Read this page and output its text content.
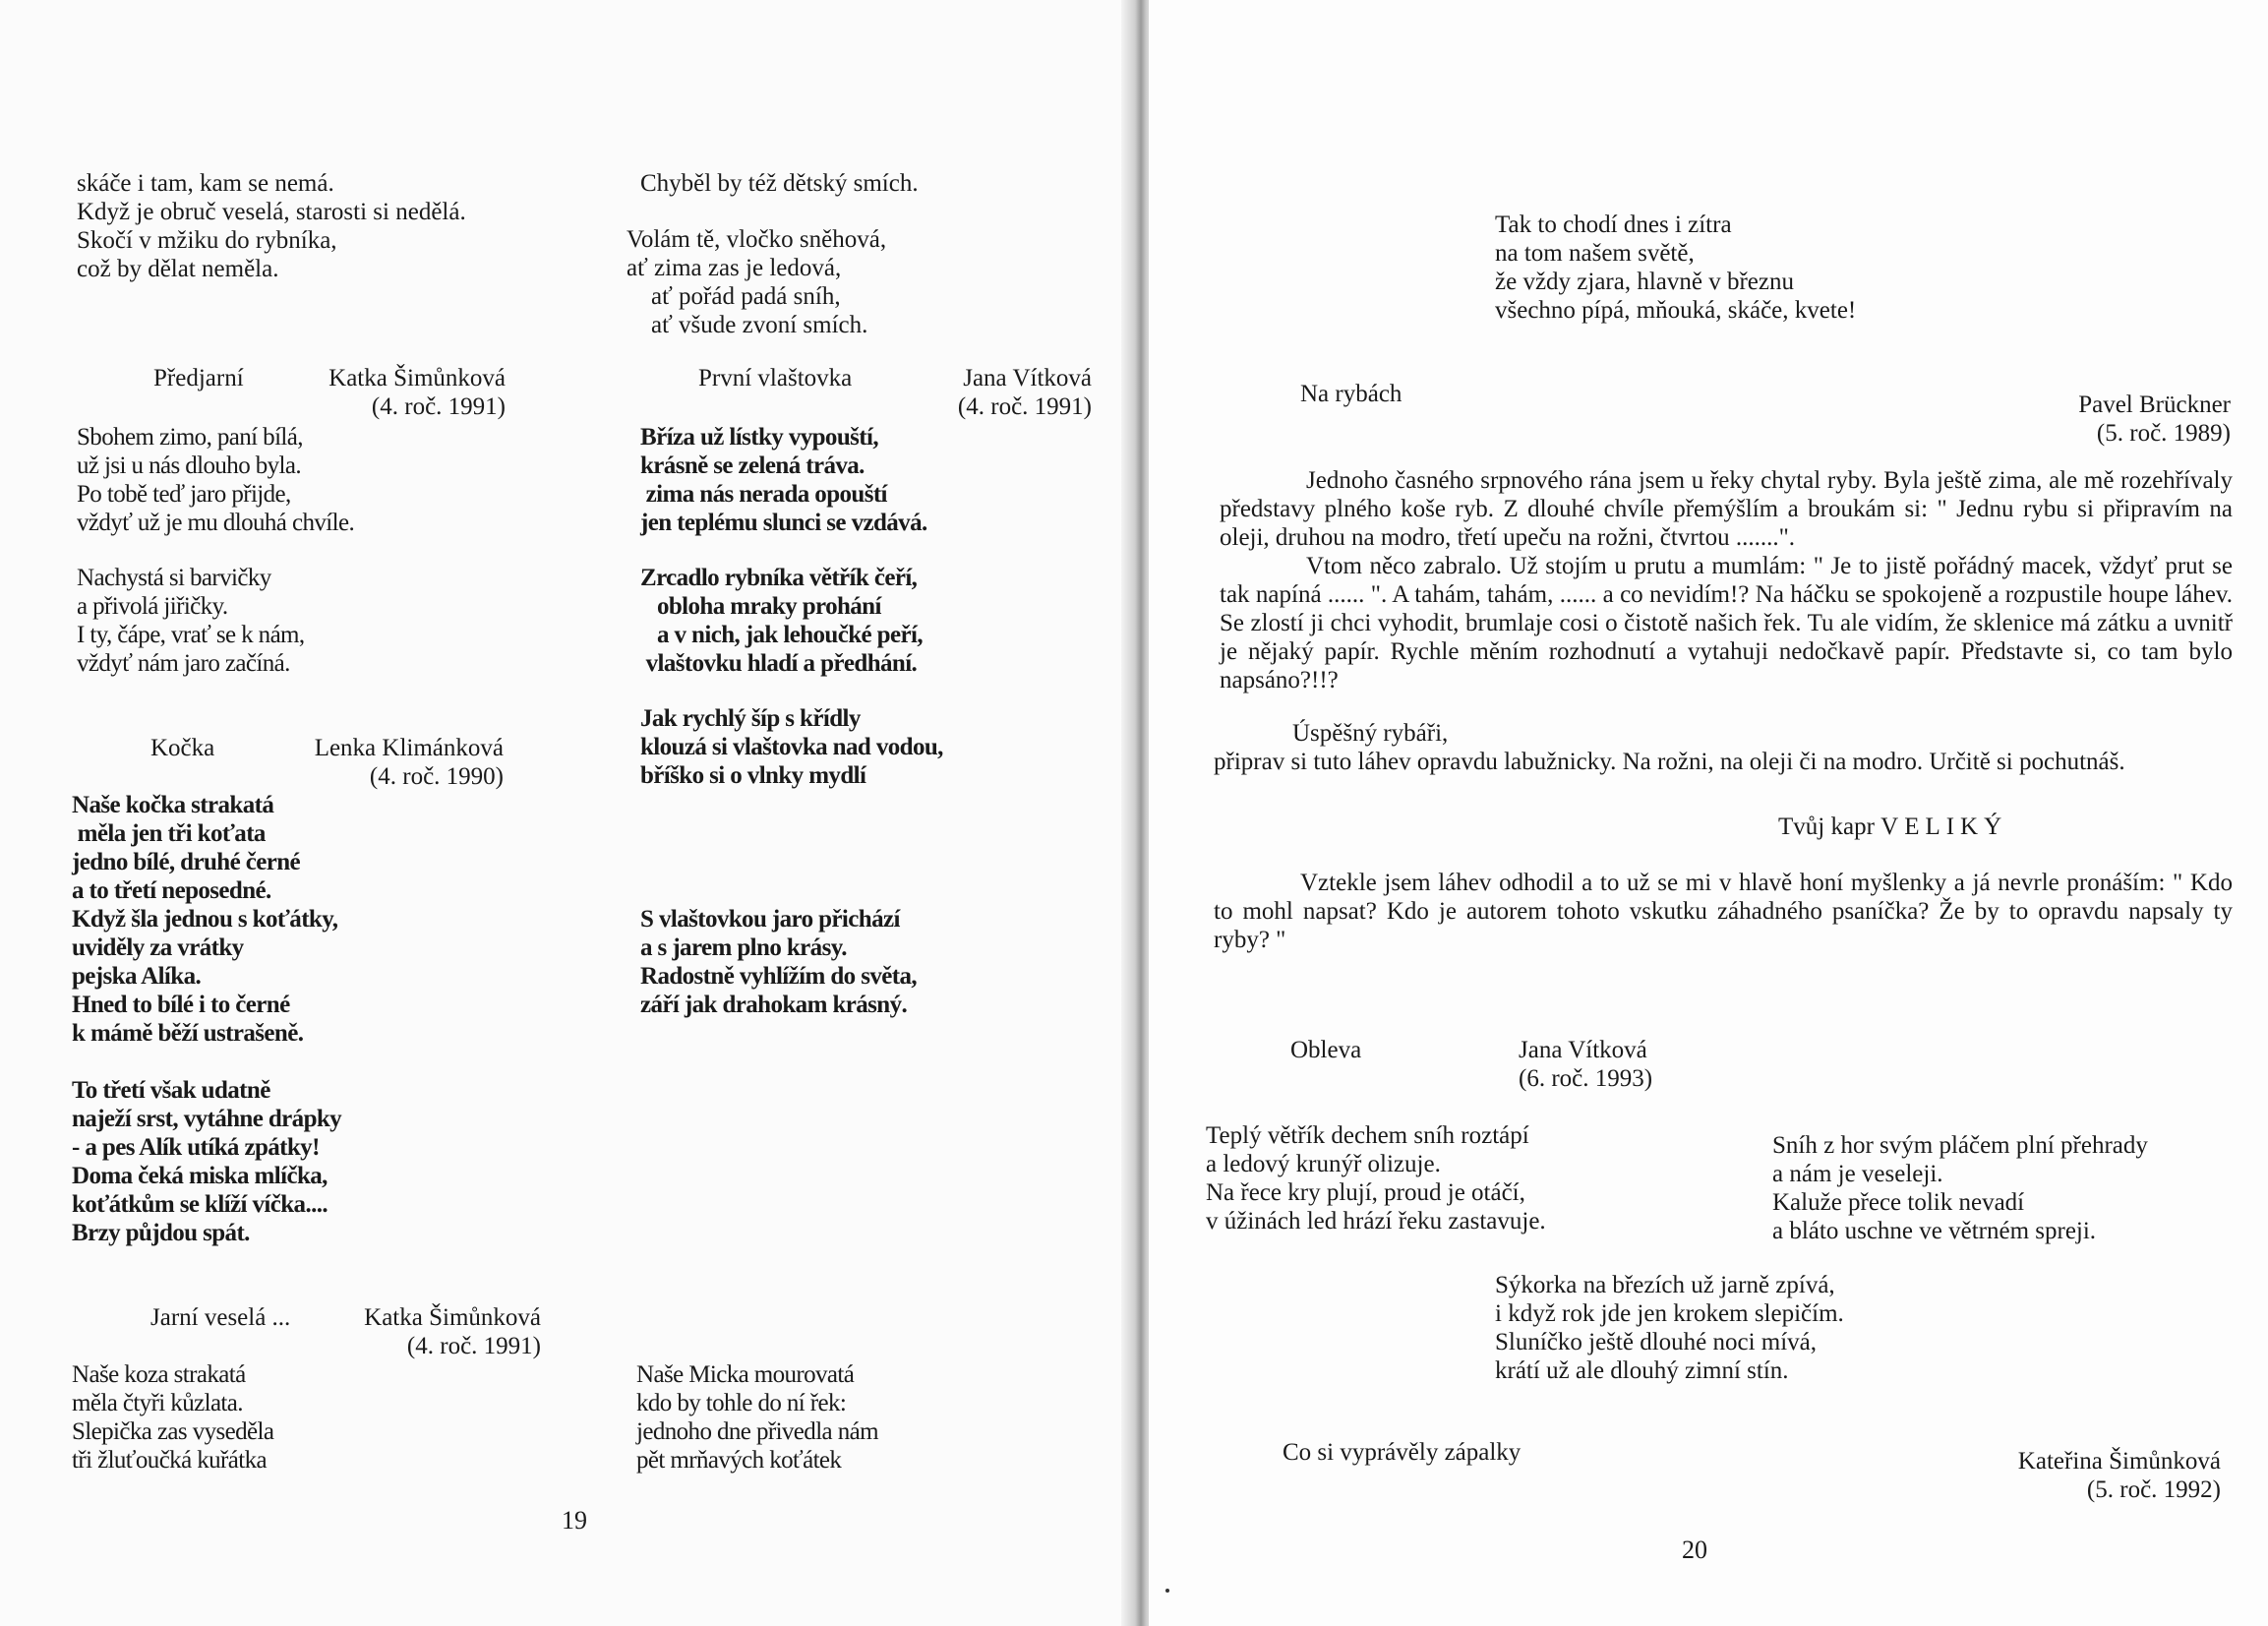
skáče i tam, kam se nemá.
Když je obruč veselá, starosti si nedělá.
Skočí v mžiku do rybníka,
což by dělat neměla.
Chyběl by též dětský smích.
Volám tě, vločko sněhová,
ať zima zas je ledová,
ať pořád padá sníh,
ať všude zvoní smích.
Předjarní	Katka Šimůnková
(4. roč. 1991)
Sbohem zimo, paní bílá,
už jsi u nás dlouho byla.
Po tobě teď jaro přijde,
vždyť už je mu dlouhá chvíle.
Nachystá si barvičky
a přivolá jiřičky.
I ty, čápe, vrať se k nám,
vždyť nám jaro začíná.
První vlaštovka	Jana Vítková
(4. roč. 1991)
Bříza už lístky vypouští,
krásně se zelená tráva.
zima nás nerada opouští
jen teplému slunci se vzdává.
Zrcadlo rybníka větřík čeří,
obloha mraky prohání
a v nich, jak lehoučké peří,
vlaštovku hladí a předhání.
Jak rychlý šíp s křídly
klouzá si vlaštovka nad vodou,
bříško si o vlnky mydlí
S vlaštovkou jaro přichází
a s jarem plno krásy.
Radostně vyhlížím do světa,
září jak drahokam krásný.
Kočka	Lenka Klimánková
(4. roč. 1990)
Naše kočka strakatá
měla jen tři koťata
jedno bílé, druhé černé
a to třetí neposedné.
Když šla jednou s koťátky,
uviděly za vrátky
pejska Alíka.
Hned to bílé i to černé
k mámě běží ustrašeně.
To třetí však udatně
naježí srst, vytáhne drápky
- a pes Alík utíká zpátky!
Doma čeká miska mlíčka,
koťátkům se klíží víčka....
Brzy půjdou spát.
Jarní veselá ...	Katka Šimůnková
(4. roč. 1991)
Naše koza strakatá
měla čtyři kůzlata.
Slepička zas vyseděla
tři žluťoučká kuřátka
Naše Micka mourovatá
kdo by tohle do ní řek:
jednoho dne přivedla nám
pět mrňavých koťátek
19
Tak to chodí dnes i zítra
na tom našem světě,
že vždy zjara, hlavně v březnu
všechno pípá, mňouká, skáče, kvete!
Na rybách	Pavel Brückner
(5. roč. 1989)

Jednoho časného srpnového rána jsem u řeky chytal ryby. Byla ještě zima, ale mě rozehřívaly představy plného koše ryb. Z dlouhé chvíle přemýšlím a broukám si: " Jednu rybu si připravím na oleji, druhou na modro, třetí upeču na rožni, čtvrtou .......".

Vtom něco zabralo. Už stojím u prutu a mumlám: " Je to jistě pořádný macek, vždyť prut se tak napíná ...... ". A tahám, tahám, ...... a co nevidím!? Na háčku se spokojeně a rozpustile houpe láhev. Se zlostí ji chci vyhodit, brumlaje cosi o čistotě našich řek. Tu ale vidím, že sklenice má zátku a uvnitř je nějaký papír. Rychle měním rozhodnutí a vytahuji nedočkavě papír. Představte si, co tam bylo napsáno?!!?

Úspěšný rybáři,
připrav si tuto láhev opravdu labužnicky. Na rožni, na oleji či na modro. Určitě si pochutnáš.
Tvůj kapr VELIKÝ

Vztekle jsem láhev odhodil a to už se mi v hlavě honí myšlenky a já nevrle pronáším: " Kdo to mohl napsat? Kdo je autorem tohoto vskutku záhadného psaníčka? Že by to opravdu napsaly ty ryby? "

Obleva	Jana Vítková
(6. roč. 1993)
Teplý větřík dechem sníh roztápí
a ledový krunýř olizuje.
Na řece kry plují, proud je otáčí,
v úžinách led hrází řeku zastavuje.
Sníh z hor svým pláčem plní přehrady
a nám je veseleji.
Kaluže přece tolik nevadí
a bláto uschne ve větrném spreji.
Sýkorka na březích už jarně zpívá,
i když rok jde jen krokem slepičím.
Sluníčko ještě dlouhé noci mívá,
krátí už ale dlouhý zimní stín.
Co si vyprávěly zápalky	Kateřina Šimůnková
(5. roč. 1992)
20
